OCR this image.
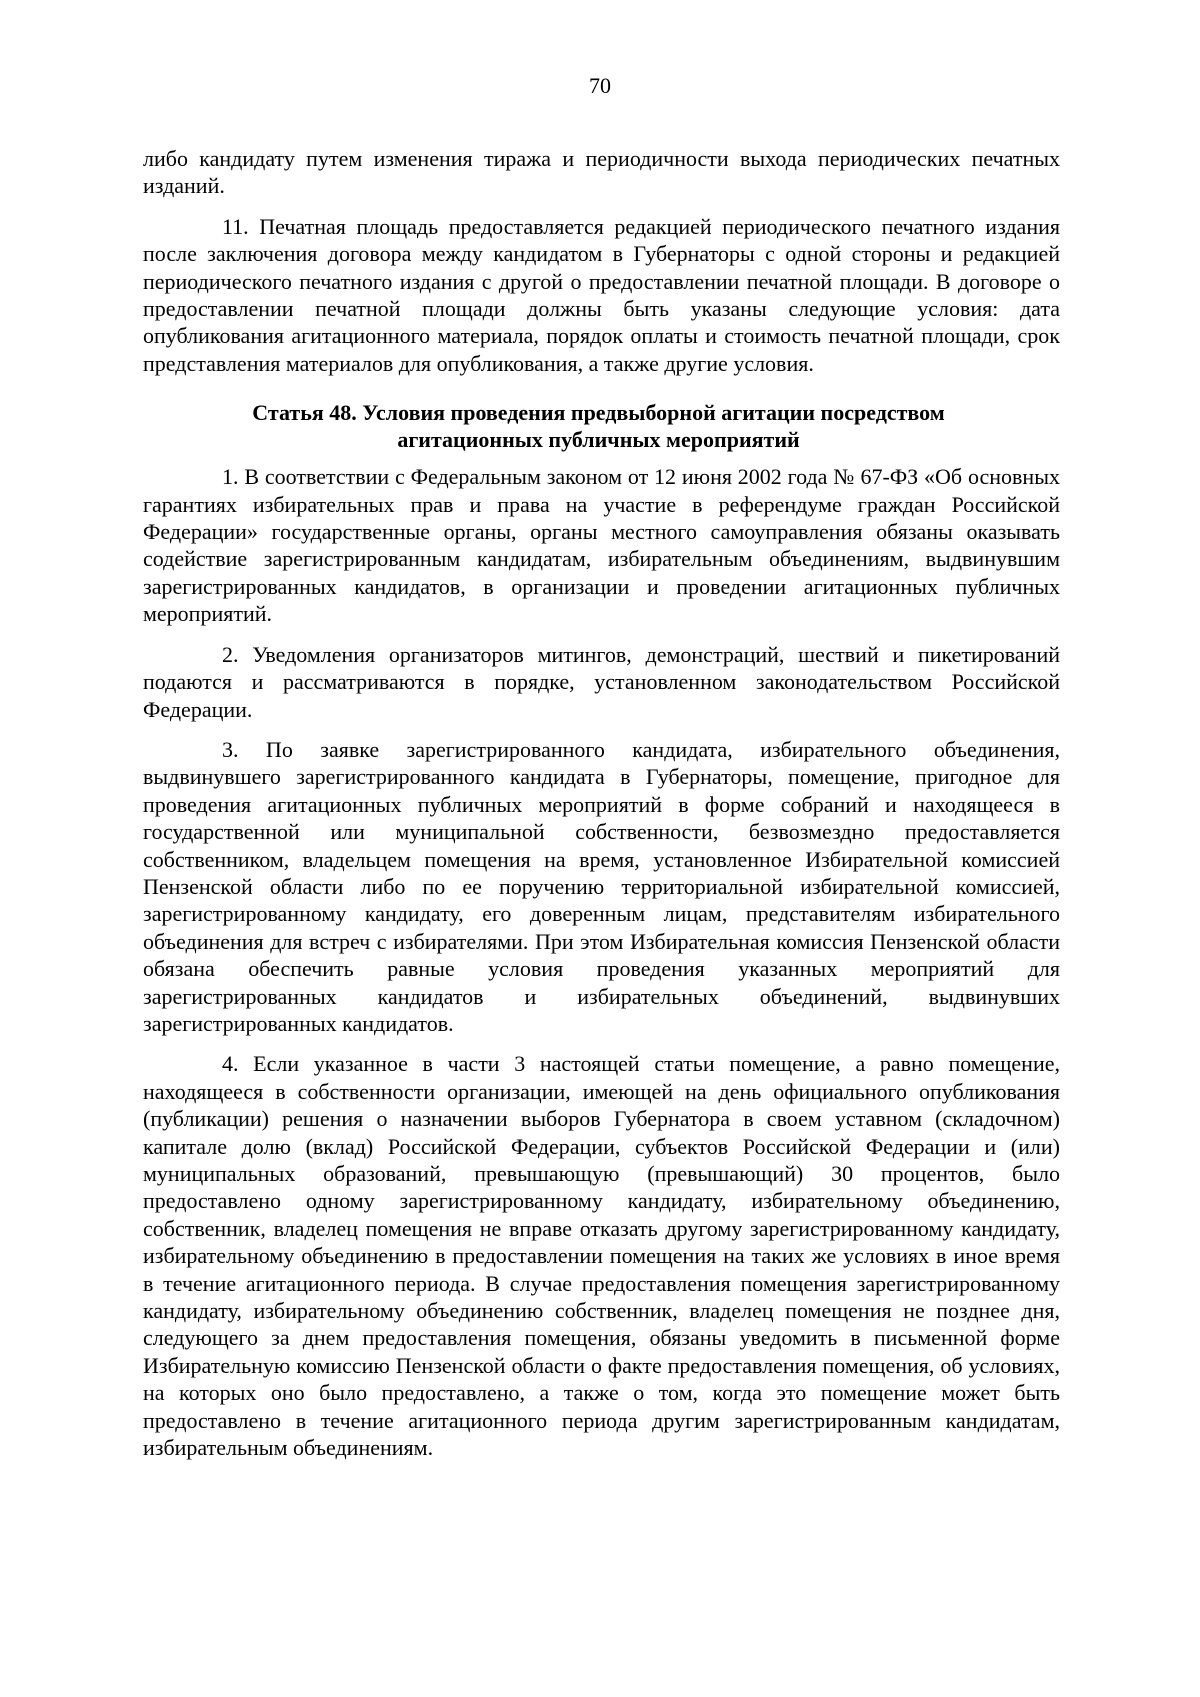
70

либо кандидату путем изменения тиража и периодичности выхода периодических печатных изданий.

11. Печатная площадь предоставляется редакцией периодического печатного издания после заключения договора между кандидатом в Губернаторы с одной стороны и редакцией периодического печатного издания с другой о предоставлении печатной площади. В договоре о предоставлении печатной площади должны быть указаны следующие условия: дата опубликования агитационного материала, порядок оплаты и стоимость печатной площади, срок представления материалов для опубликования, а также другие условия.

Статья 48. Условия проведения предвыборной агитации посредством
агитационных публичных мероприятий

1. В соответствии с Федеральным законом от 12 июня 2002 года № 67-ФЗ «Об основных гарантиях избирательных прав и права на участие в референдуме граждан Российской Федерации» государственные органы, органы местного самоуправления обязаны оказывать содействие зарегистрированным кандидатам, избирательным объединениям, выдвинувшим зарегистрированных кандидатов, в организации и проведении агитационных публичных мероприятий.

2. Уведомления организаторов митингов, демонстраций, шествий и пикетирований подаются и рассматриваются в порядке, установленном законодательством Российской Федерации.

3. По заявке зарегистрированного кандидата, избирательного объединения, выдвинувшего зарегистрированного кандидата в Губернаторы, помещение, пригодное для проведения агитационных публичных мероприятий в форме собраний и находящееся в государственной или муниципальной собственности, безвозмездно предоставляется собственником, владельцем помещения на время, установленное Избирательной комиссией Пензенской области либо по ее поручению территориальной избирательной комиссией, зарегистрированному кандидату, его доверенным лицам, представителям избирательного объединения для встреч с избирателями. При этом Избирательная комиссия Пензенской области обязана обеспечить равные условия проведения указанных мероприятий для зарегистрированных кандидатов и избирательных объединений, выдвинувших зарегистрированных кандидатов.

4. Если указанное в части 3 настоящей статьи помещение, а равно помещение, находящееся в собственности организации, имеющей на день официального опубликования (публикации) решения о назначении выборов Губернатора в своем уставном (складочном) капитале долю (вклад) Российской Федерации, субъектов Российской Федерации и (или) муниципальных образований, превышающую (превышающий) 30 процентов, было предоставлено одному зарегистрированному кандидату, избирательному объединению, собственник, владелец помещения не вправе отказать другому зарегистрированному кандидату, избирательному объединению в предоставлении помещения на таких же условиях в иное время в течение агитационного периода. В случае предоставления помещения зарегистрированному кандидату, избирательному объединению собственник, владелец помещения не позднее дня, следующего за днем предоставления помещения, обязаны уведомить в письменной форме Избирательную комиссию Пензенской области о факте предоставления помещения, об условиях, на которых оно было предоставлено, а также о том, когда это помещение может быть предоставлено в течение агитационного периода другим зарегистрированным кандидатам, избирательным объединениям.
